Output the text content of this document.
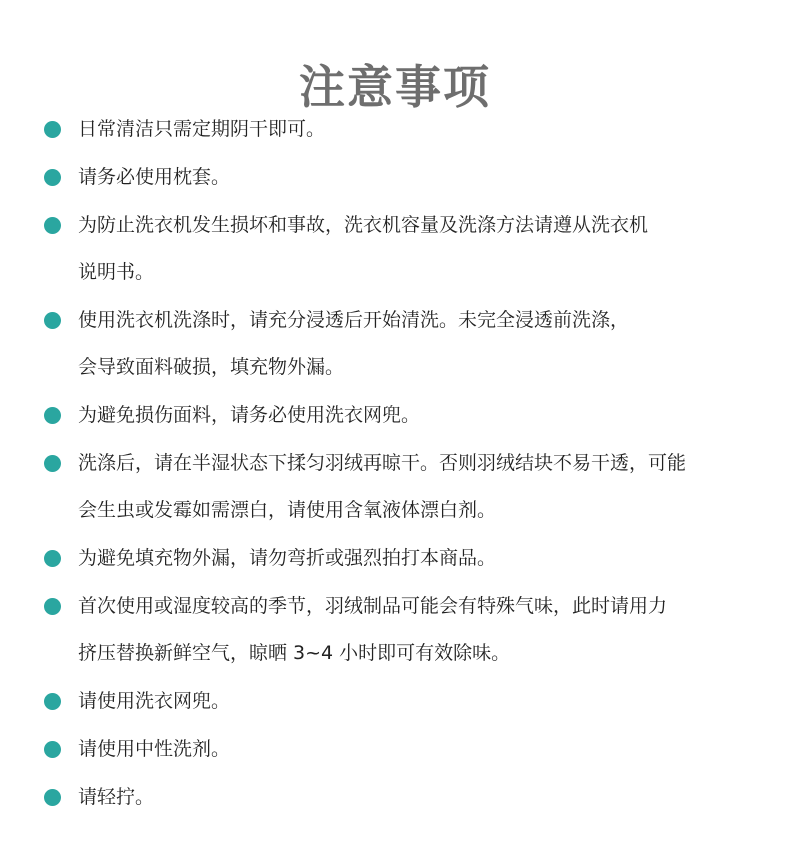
注意事项
日常清洁只需定期阴干即可。
请务必使用枕套。
为防止洗衣机发生损坏和事故，洗衣机容量及洗涤方法请遵从洗衣机
说明书。
使用洗衣机洗涤时，请充分浸透后开始清洗。未完全浸透前洗涤，
会导致面料破损，填充物外漏。
为避免损伤面料，请务必使用洗衣网兜。
洗涤后，请在半湿状态下揉匀羽绒再晾干。否则羽绒结块不易干透，可能
会生虫或发霉如需漂白，请使用含氧液体漂白剂。
为避免填充物外漏，请勿弯折或强烈拍打本商品。
首次使用或湿度较高的季节，羽绒制品可能会有特殊气味，此时请用力
挤压替换新鲜空气，晾晒 3~4 小时即可有效除味。
请使用洗衣网兜。
请使用中性洗剂。
请轻拧。
